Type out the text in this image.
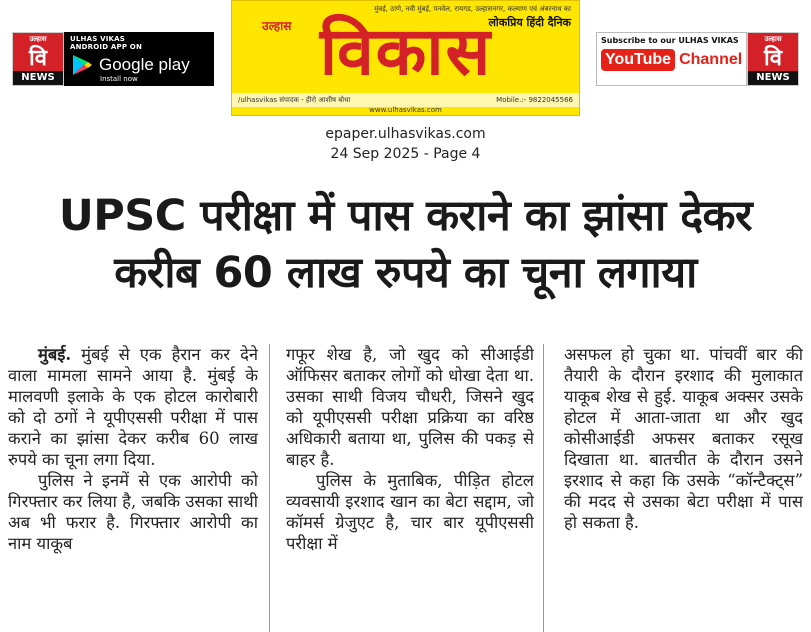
उल्हास
वि
NEWS
ULHAS VIKAS
ANDROID APP ON
Google play
Install now
मुंबई, ठाणे, नवी मुंबई, पनवेल, रायगड, उल्हासनगर, कल्याण एवं अंबरनाथ का
लोकप्रिय हिंदी दैनिक
उल्हास विकास
/ulhasvikas संपादक - हीरो आशीष बोधा	Mobile.:- 9822045566
www.ulhasvikas.com
Subscribe to our ULHAS VIKAS
YouTube Channel
उल्हास
वि
NEWS
epaper.ulhasvikas.com
24 Sep 2025 - Page 4
UPSC परीक्षा में पास कराने का झांसा देकर
करीब 60 लाख रुपये का चूना लगाया

मुंबई. मुंबई से एक हैरान कर देने वाला मामला सामने आया है. मुंबई के मालवणी इलाके के एक होटल कारोबारी को दो ठगों ने यूपीएससी परीक्षा में पास कराने का झांसा देकर करीब 60 लाख रुपये का चूना लगा दिया.

पुलिस ने इनमें से एक आरोपी को गिरफ्तार कर लिया है, जबकि उसका साथी अब भी फरार है. गिरफ्तार आरोपी का नाम याकूब

गफूर शेख है, जो खुद को सीआईडी ऑफिसर बताकर लोगों को धोखा देता था. उसका साथी विजय चौधरी, जिसने खुद को यूपीएससी परीक्षा प्रक्रिया का वरिष्ठ अधिकारी बताया था, पुलिस की पकड़ से बाहर है.

पुलिस के मुताबिक, पीड़ित होटल व्यवसायी इरशाद खान का बेटा सद्दाम, जो कॉमर्स ग्रेजुएट है, चार बार यूपीएससी परीक्षा में

असफल हो चुका था. पांचवीं बार की तैयारी के दौरान इरशाद की मुलाकात याकूब शेख से हुई. याकूब अक्सर उसके होटल में आता-जाता था और खुद कोसीआईडी अफसर बताकर रसूख दिखाता था. बातचीत के दौरान उसने इरशाद से कहा कि उसके “कॉन्टैक्ट्स” की मदद से उसका बेटा परीक्षा में पास हो सकता है.
